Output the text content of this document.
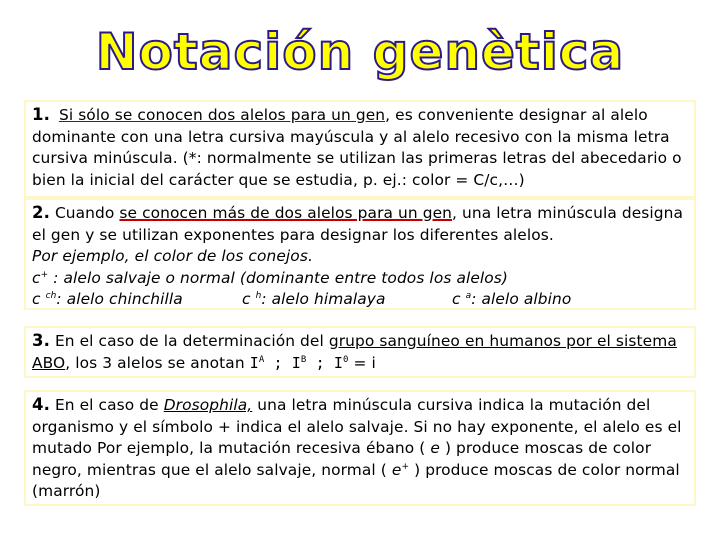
Notación genètica
1. Si sólo se conocen dos alelos para un gen, es conveniente designar al alelo dominante con una letra cursiva mayúscula y al alelo recesivo con la misma letra cursiva minúscula. (*: normalmente se utilizan las primeras letras del abecedario o bien la inicial del carácter que se estudia, p. ej.: color = C/c,…)
2. Cuando se conocen más de dos alelos para un gen, una letra minúscula designa el gen y se utilizan exponentes para designar los diferentes alelos.
Por ejemplo, el color de los conejos.
c+ : alelo salvaje o normal (dominante entre todos los alelos)
c $^{ch}$: alelo chinchilla	c $^h$: alelo himalaya	c $^a$: alelo albino
3. En el caso de la determinación del grupo sanguíneo en humanos por el sistema ABO, los 3 alelos se anotan $I^A$ ; $I^B$ ; $I^0 = i$
4. En el caso de Drosophila, una letra minúscula cursiva indica la mutación del organismo y el símbolo + indica el alelo salvaje. Si no hay exponente, el alelo es el mutado Por ejemplo, la mutación recesiva ébano ( e ) produce moscas de color negro, mientras que el alelo salvaje, normal ( e+ ) produce moscas de color normal (marrón)
